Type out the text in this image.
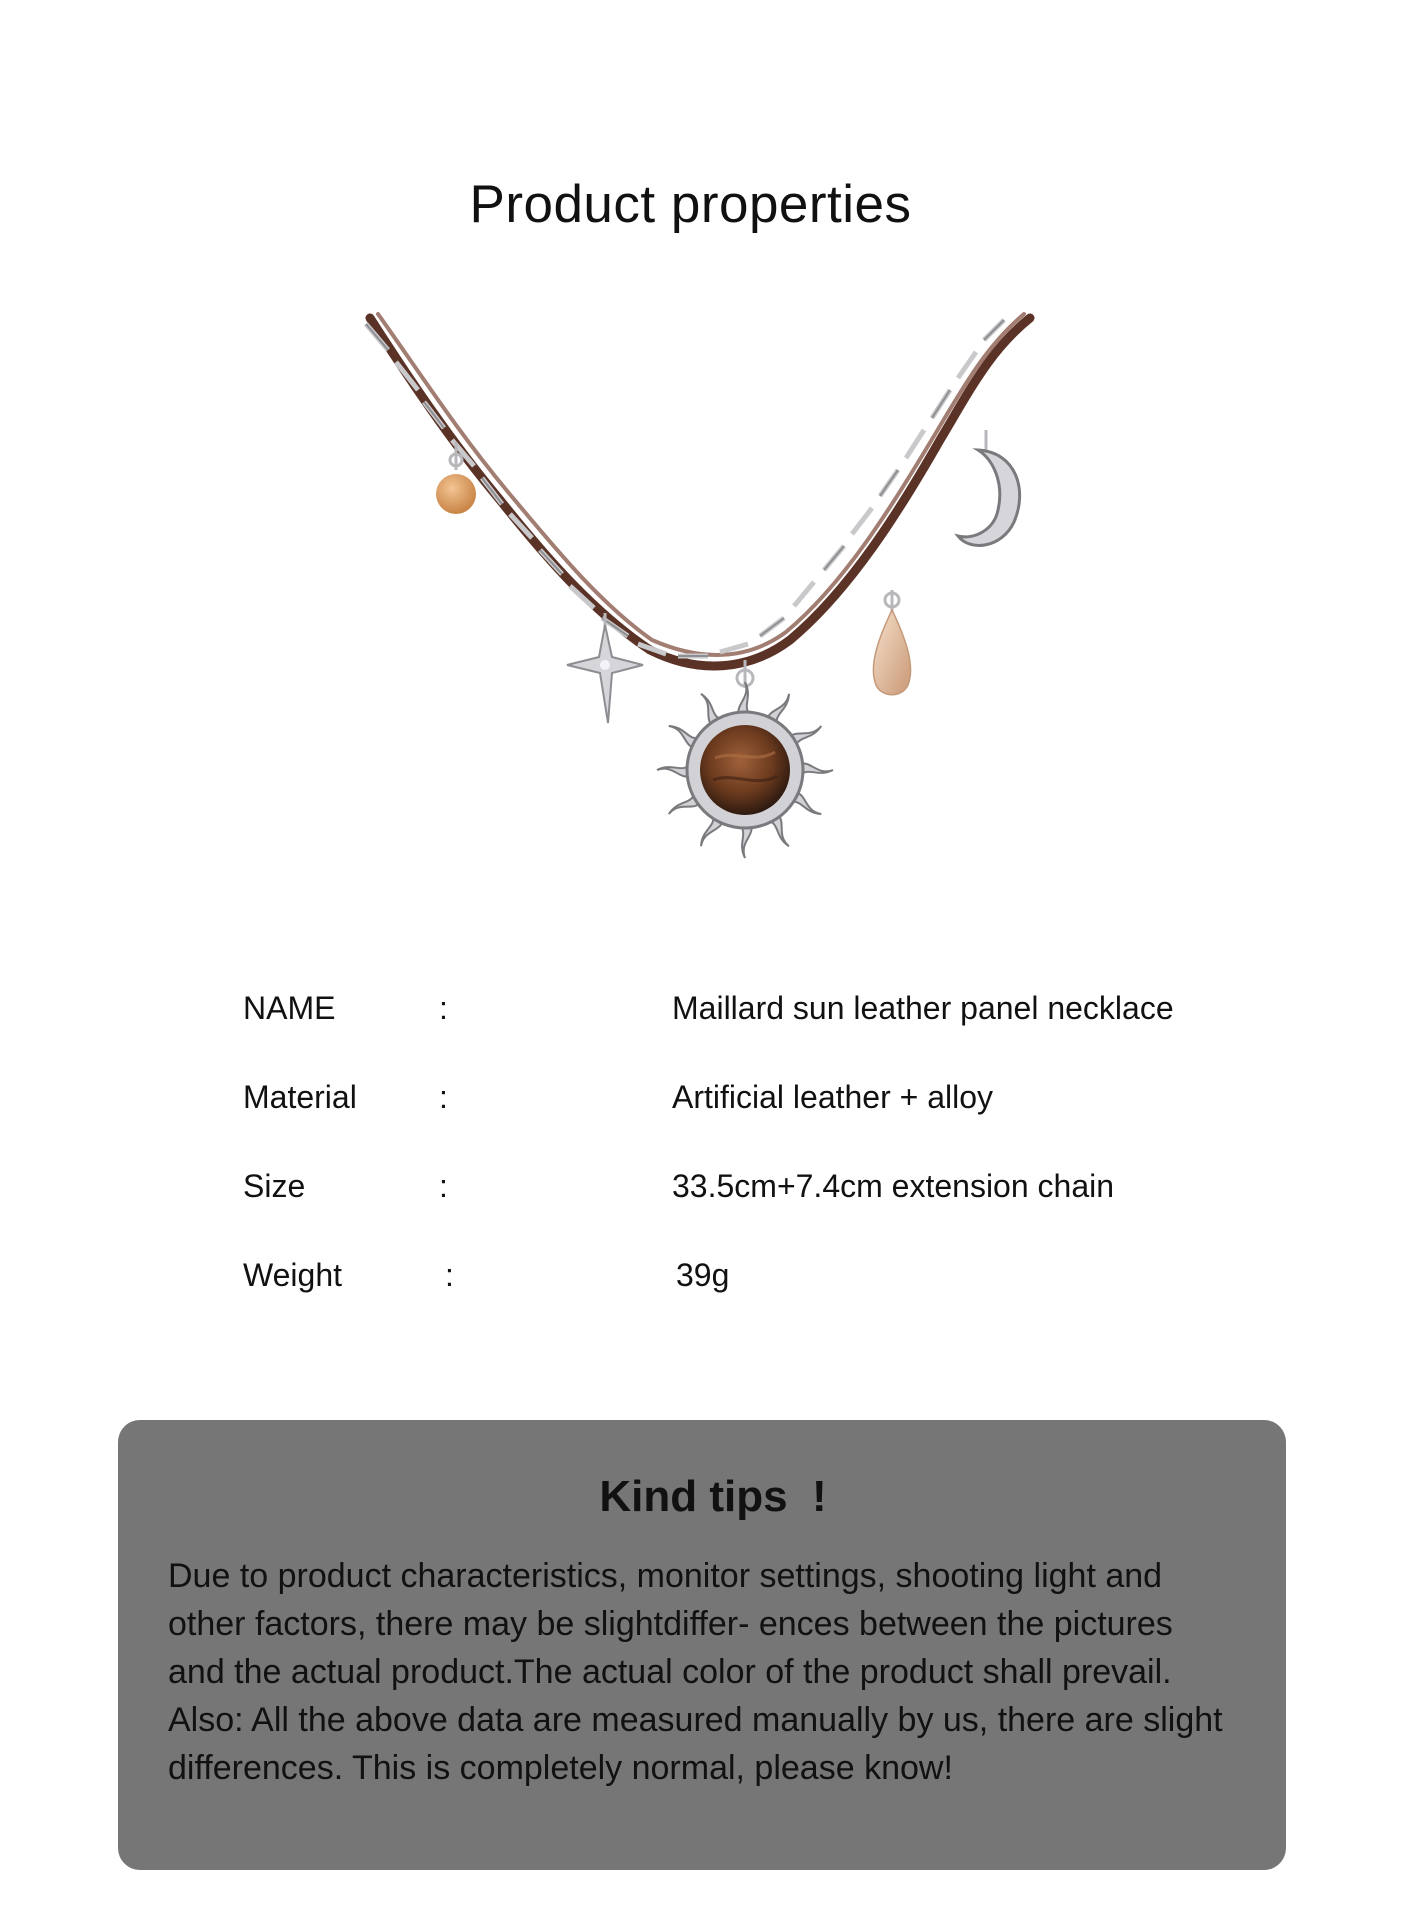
Product properties
NAME	:	Maillard sun leather panel necklace
Material	:	Artificial leather + alloy
Size	:	33.5cm+7.4cm extension chain
Weight	:	39g
Kind tips  !

Due to product characteristics, monitor settings, shooting light and other factors, there may be slightdiffer- ences between the pictures and the actual product.The actual color of the product shall prevail. Also: All the above data are measured manually by us, there are slight differences. This is completely normal, please know!
